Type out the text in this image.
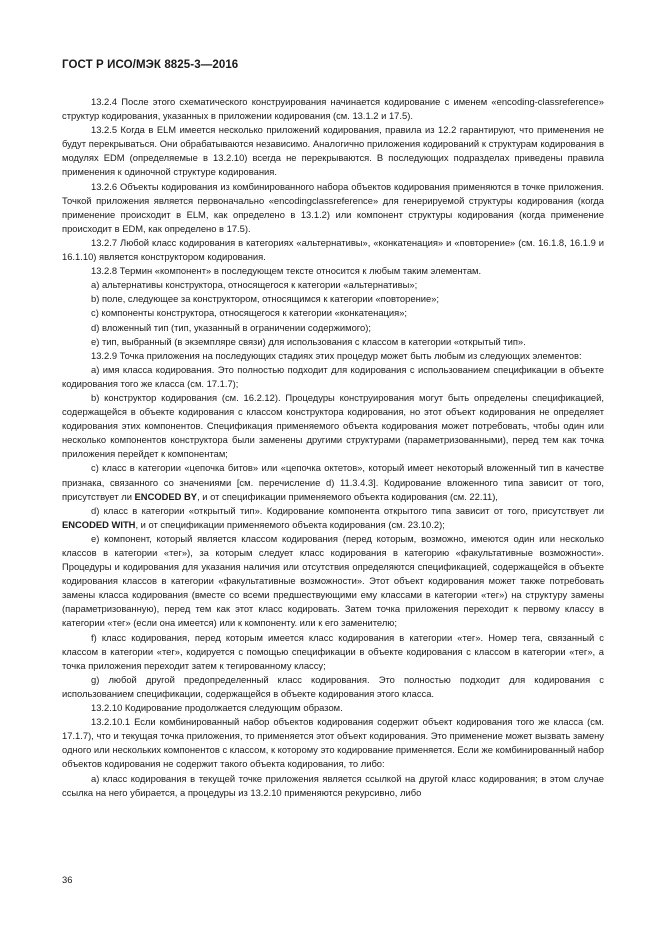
ГОСТ Р ИСО/МЭК 8825-3—2016

13.2.4 После этого схематического конструирования начинается кодирование с именем «encoding-classreference» структур кодирования, указанных в приложении кодирования (см. 13.1.2 и 17.5).

13.2.5 Когда в ELM имеется несколько приложений кодирования, правила из 12.2 гарантируют, что применения не будут перекрываться. Они обрабатываются независимо. Аналогично приложения кодирований к структурам кодирования в модулях EDM (определяемые в 13.2.10) всегда не перекрываются. В последующих подразделах приведены правила применения к одиночной структуре кодирования.

13.2.6 Объекты кодирования из комбинированного набора объектов кодирования применяются в точке приложения. Точкой приложения является первоначально «encodingclassreference» для генерируемой структуры кодирования (когда применение происходит в ELM, как определено в 13.1.2) или компонент структуры кодирования (когда применение происходит в EDM, как определено в 17.5).

13.2.7 Любой класс кодирования в категориях «альтернативы», «конкатенация» и «повторение» (см. 16.1.8, 16.1.9 и 16.1.10) является конструктором кодирования.

13.2.8 Термин «компонент» в последующем тексте относится к любым таким элементам.

a) альтернативы конструктора, относящегося к категории «альтернативы»;

b) поле, следующее за конструктором, относящимся к категории «повторение»;

c) компоненты конструктора, относящегося к категории «конкатенация»;

d) вложенный тип (тип, указанный в ограничении содержимого);

e) тип, выбранный (в экземпляре связи) для использования с классом в категории «открытый тип».

13.2.9 Точка приложения на последующих стадиях этих процедур может быть любым из следующих элементов:

a) имя класса кодирования. Это полностью подходит для кодирования с использованием спецификации в объекте кодирования того же класса (см. 17.1.7);

b) конструктор кодирования (см. 16.2.12). Процедуры конструирования могут быть определены спецификацией, содержащейся в объекте кодирования с классом конструктора кодирования, но этот объект кодирования не определяет кодирования этих компонентов. Спецификация применяемого объекта кодирования может потребовать, чтобы один или несколько компонентов конструктора были заменены другими структурами (параметризованными), перед тем как точка приложения перейдет к компонентам;

c) класс в категории «цепочка битов» или «цепочка октетов», который имеет некоторый вложенный тип в качестве признака, связанного со значениями [см. перечисление d) 11.3.4.3]. Кодирование вложенного типа зависит от того, присутствует ли ENCODED BY, и от спецификации применяемого объекта кодирования (см. 22.11),

d) класс в категории «открытый тип». Кодирование компонента открытого типа зависит от того, присутствует ли ENCODED WITH, и от спецификации применяемого объекта кодирования (см. 23.10.2);

e) компонент, который является классом кодирования (перед которым, возможно, имеются один или несколько классов в категории «тег»), за которым следует класс кодирования в категорию «факультативные возможности». Процедуры и кодирования для указания наличия или отсутствия определяются спецификацией, содержащейся в объекте кодирования классов в категории «факультативные возможности». Этот объект кодирования может также потребовать замены класса кодирования (вместе со всеми предшествующими ему классами в категории «тег») на структуру замены (параметризованную), перед тем как этот класс кодировать. Затем точка приложения переходит к первому классу в категории «тег» (если она имеется) или к компоненту. или к его заменителю;

f) класс кодирования, перед которым имеется класс кодирования в категории «тег». Номер тега, связанный с классом в категории «тег», кодируется с помощью спецификации в объекте кодирования с классом в категории «тег», а точка приложения переходит затем к тегированному классу;

g) любой другой предопределенный класс кодирования. Это полностью подходит для кодирования с использованием спецификации, содержащейся в объекте кодирования этого класса.

13.2.10 Кодирование продолжается следующим образом.

13.2.10.1 Если комбинированный набор объектов кодирования содержит объект кодирования того же класса (см. 17.1.7), что и текущая точка приложения, то применяется этот объект кодирования. Это применение может вызвать замену одного или нескольких компонентов с классом, к которому это кодирование применяется. Если же комбинированный набор объектов кодирования не содержит такого объекта кодирования, то либо:

a) класс кодирования в текущей точке приложения является ссылкой на другой класс кодирования; в этом случае ссылка на него убирается, а процедуры из 13.2.10 применяются рекурсивно, либо

36
